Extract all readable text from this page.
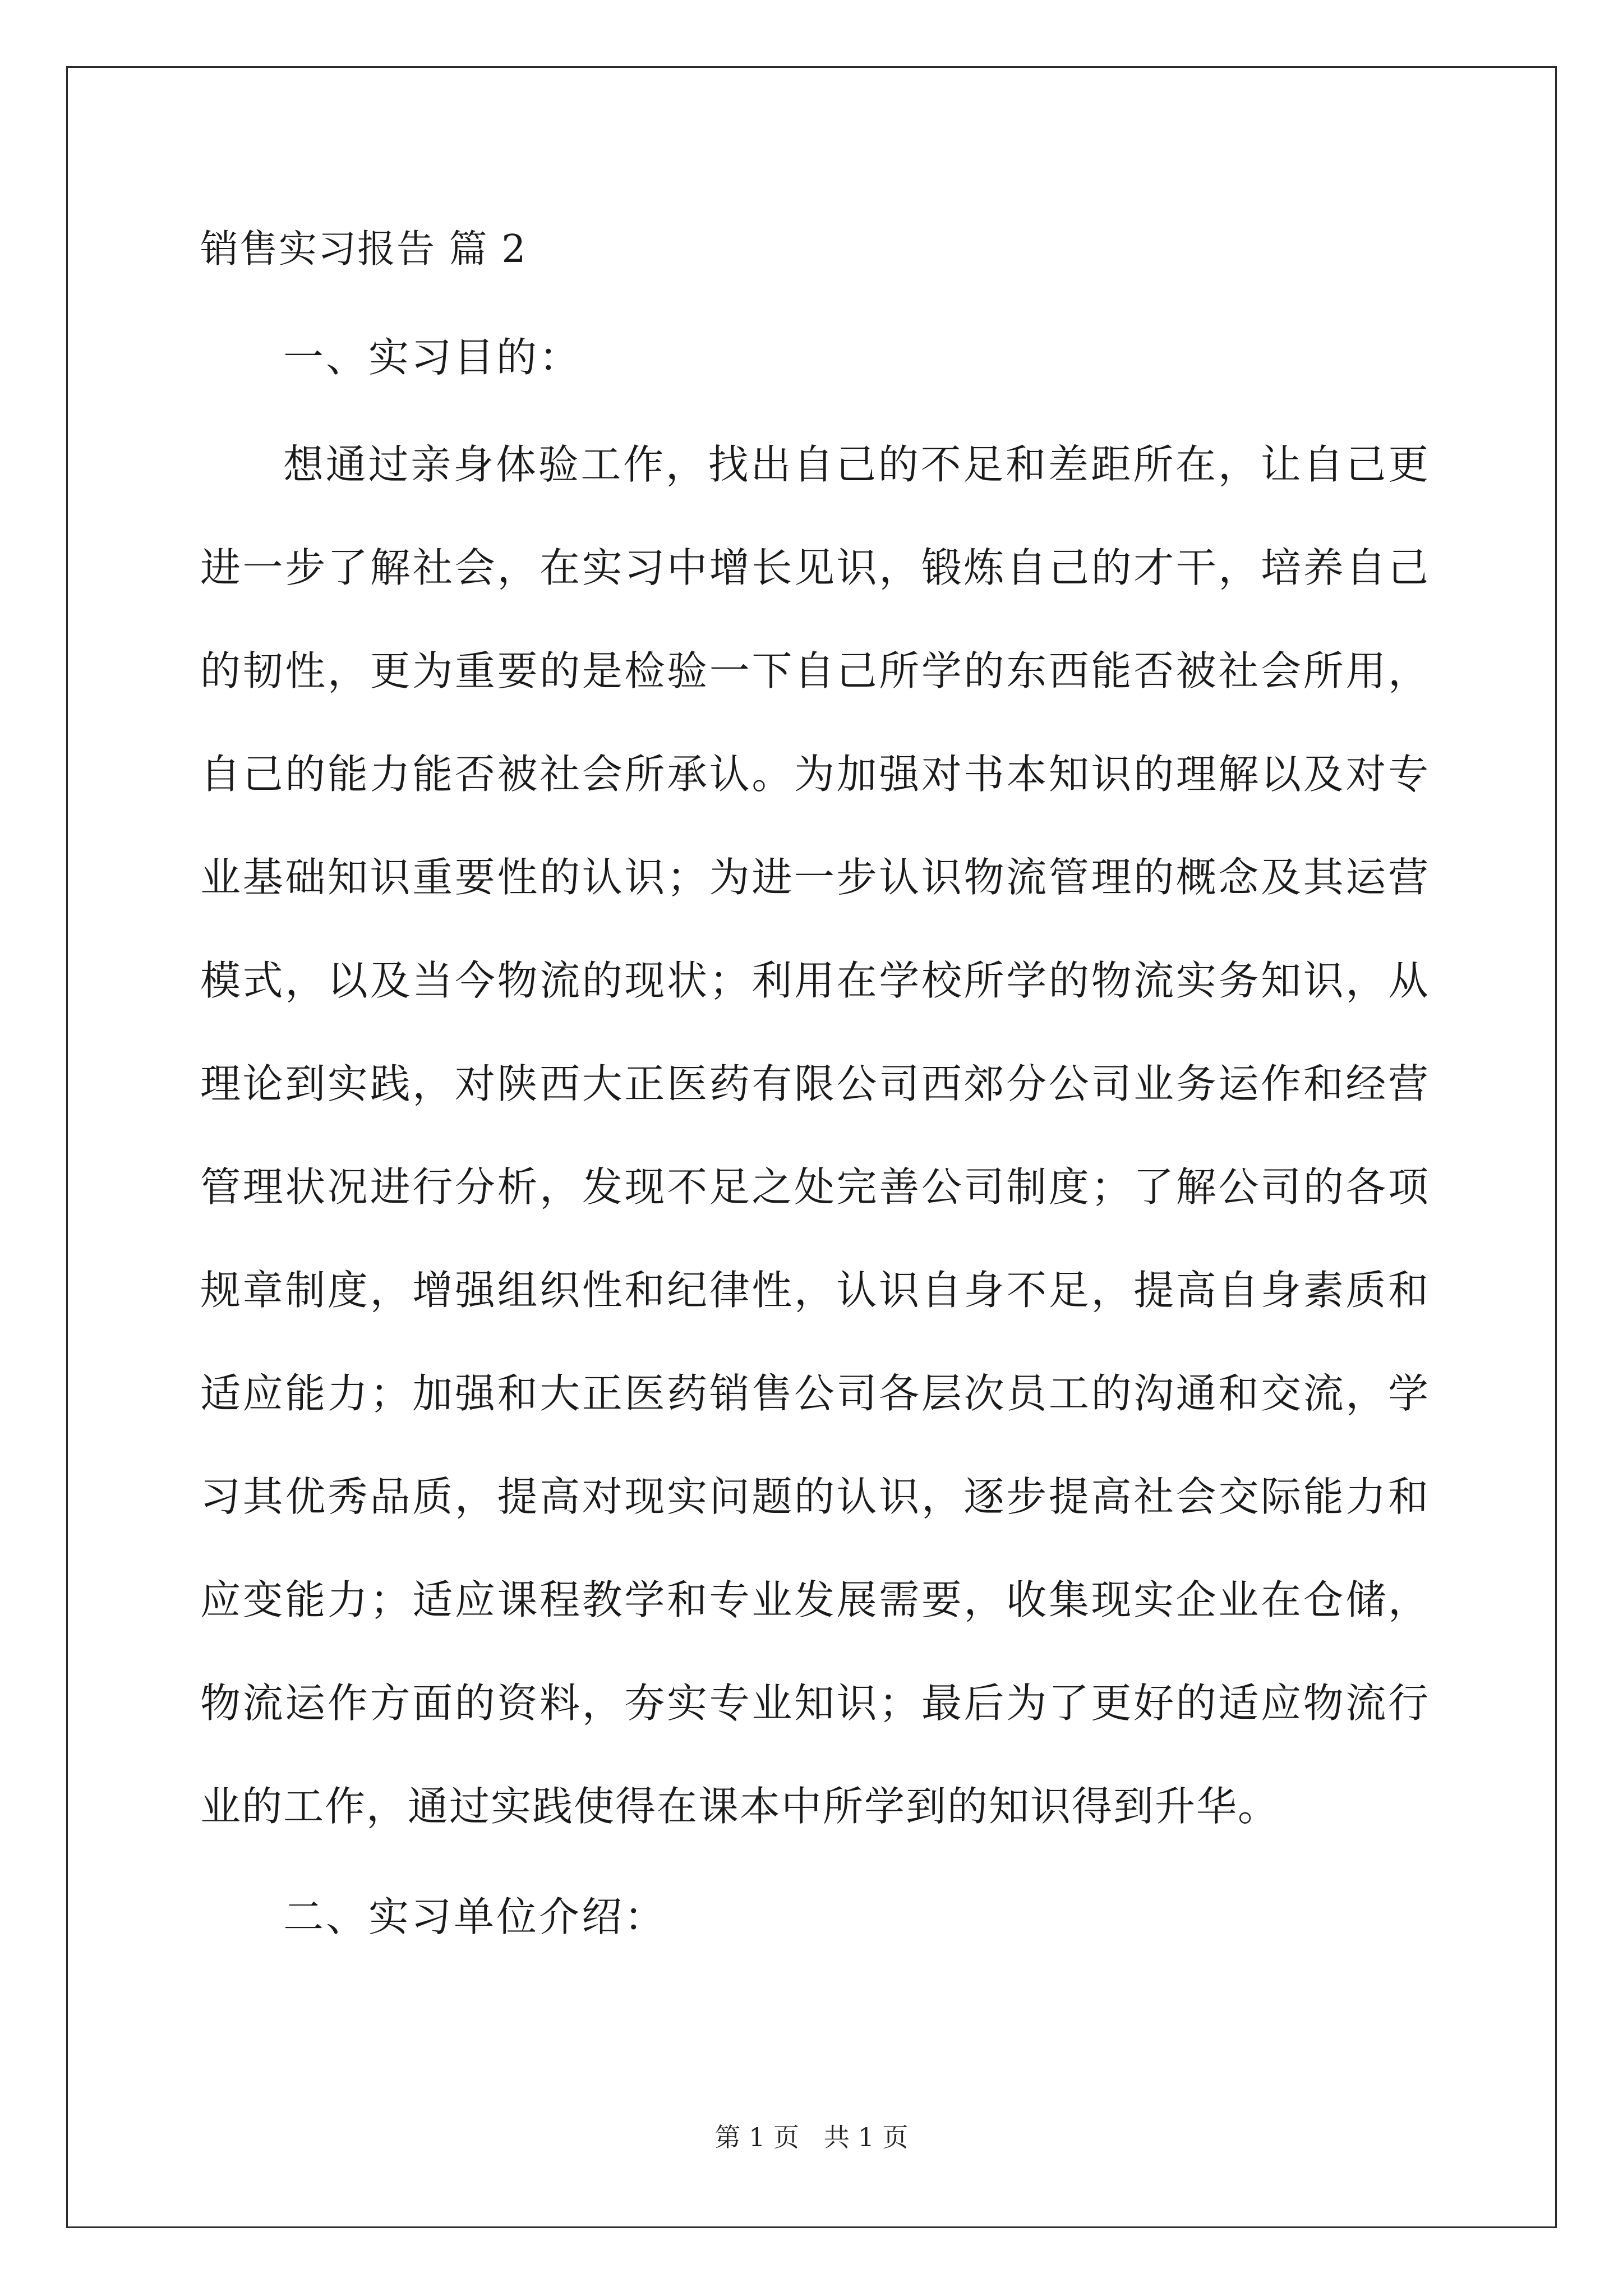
销售实习报告 篇 2
一、实习目的：

想通过亲身体验工作，找出自己的不足和差距所在，让自己更进一步了解社会，在实习中增长见识，锻炼自己的才干，培养自己的韧性，更为重要的是检验一下自己所学的东西能否被社会所用，自己的能力能否被社会所承认。为加强对书本知识的理解以及对专业基础知识重要性的认识；为进一步认识物流管理的概念及其运营模式，以及当今物流的现状；利用在学校所学的物流实务知识，从理论到实践，对陕西大正医药有限公司西郊分公司业务运作和经营管理状况进行分析，发现不足之处完善公司制度；了解公司的各项规章制度，增强组织性和纪律性，认识自身不足，提高自身素质和适应能力；加强和大正医药销售公司各层次员工的沟通和交流，学习其优秀品质，提高对现实问题的认识，逐步提高社会交际能力和应变能力；适应课程教学和专业发展需要，收集现实企业在仓储，物流运作方面的资料，夯实专业知识；最后为了更好的适应物流行业的工作，通过实践使得在课本中所学到的知识得到升华。

二、实习单位介绍：
第 1 页 共 1 页
